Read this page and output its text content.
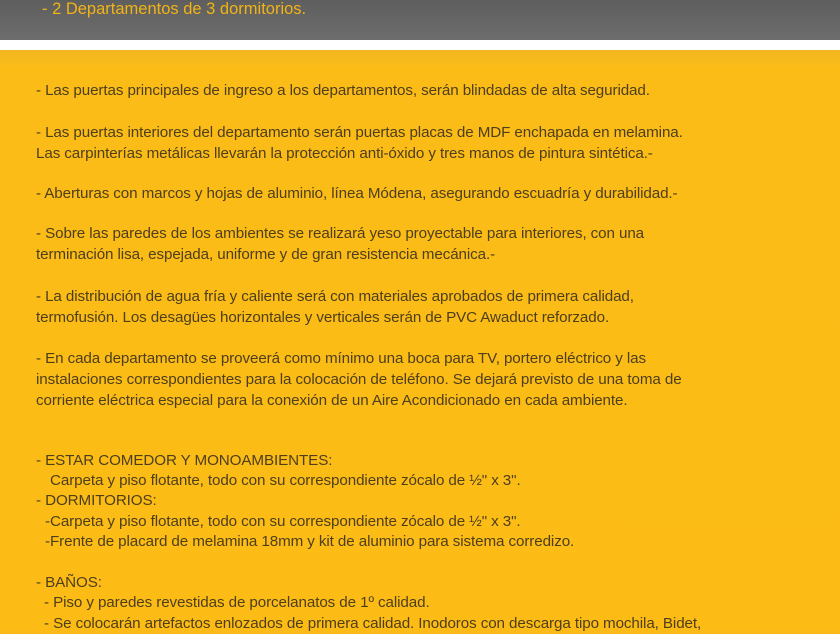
- 2 Departamentos de 3 dormitorios.

- Las puertas principales de ingreso a los departamentos, serán blindadas de alta seguridad.

- Las puertas interiores del departamento serán puertas placas de MDF enchapada en melamina.

Las carpinterías metálicas llevarán la protección anti-óxido y tres manos de pintura sintética.-

- Aberturas con marcos y hojas de aluminio, línea Módena, asegurando escuadría y durabilidad.-

- Sobre las paredes de los ambientes se realizará yeso proyectable para interiores, con una

terminación lisa, espejada, uniforme y de gran resistencia mecánica.-

- La distribución de agua fría y caliente será con materiales aprobados de primera calidad,

termofusión. Los desagües horizontales y verticales serán de PVC Awaduct reforzado.

- En cada departamento se proveerá como mínimo una boca para TV, portero eléctrico y las

instalaciones correspondientes para la colocación de teléfono. Se dejará previsto de una toma de

corriente eléctrica especial para la conexión de un Aire Acondicionado en cada ambiente.

- ESTAR COMEDOR Y MONOAMBIENTES:

Carpeta y piso flotante, todo con su correspondiente zócalo de ½" x 3".

- DORMITORIOS:

-Carpeta y piso flotante, todo con su correspondiente zócalo de ½" x 3".

-Frente de placard de melamina 18mm y kit de aluminio para sistema corredizo.

- BAÑOS:

- Piso y paredes revestidas de porcelanatos de 1º calidad.

- Se colocarán artefactos enlozados de primera calidad. Inodoros con descarga tipo mochila, Bidet,
